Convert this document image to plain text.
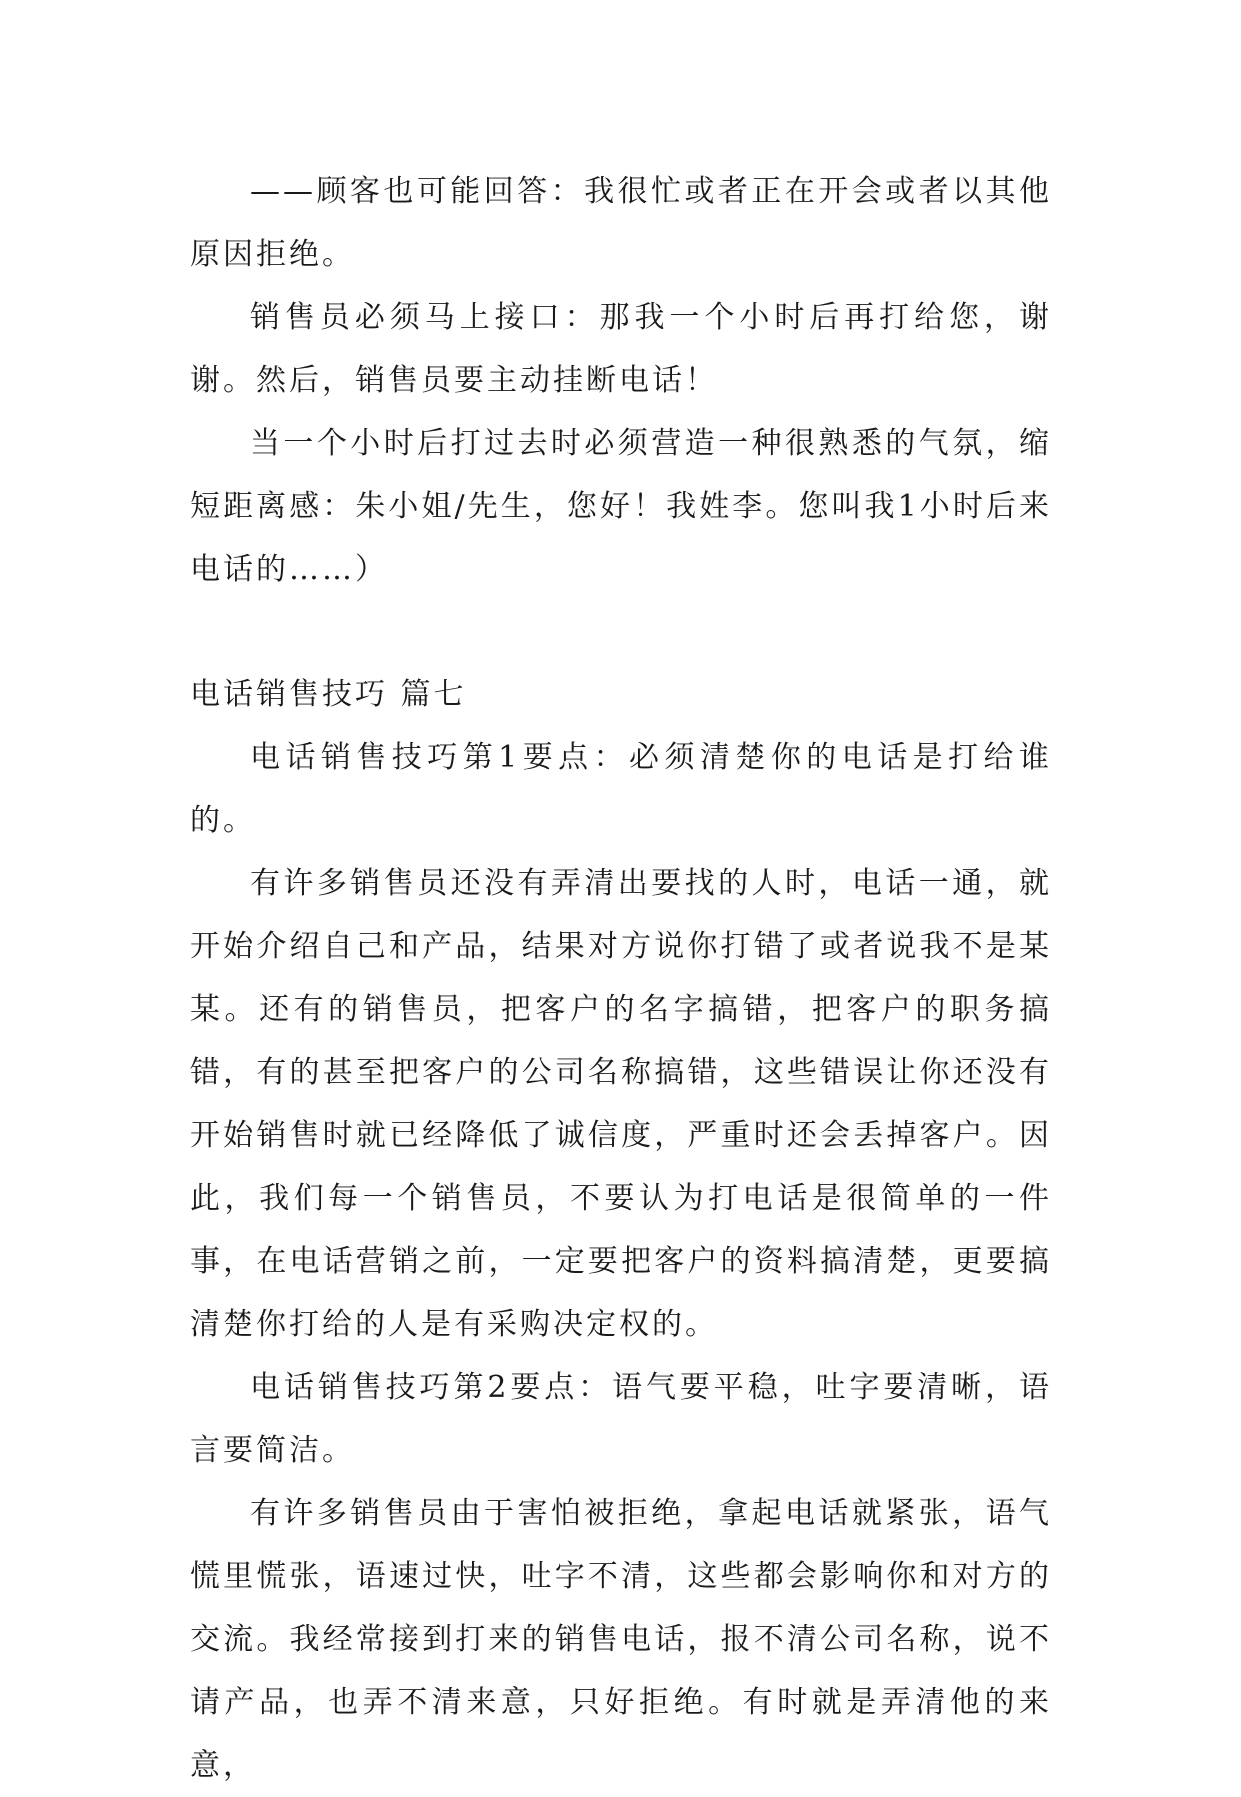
——顾客也可能回答：我很忙或者正在开会或者以其他原因拒绝。

销售员必须马上接口：那我一个小时后再打给您，谢谢。然后，销售员要主动挂断电话！

当一个小时后打过去时必须营造一种很熟悉的气氛，缩短距离感：朱小姐/先生，您好！我姓李。您叫我1小时后来电话的……）

电话销售技巧 篇七

电话销售技巧第1要点：必须清楚你的电话是打给谁的。

有许多销售员还没有弄清出要找的人时，电话一通，就开始介绍自己和产品，结果对方说你打错了或者说我不是某某。还有的销售员，把客户的名字搞错，把客户的职务搞错，有的甚至把客户的公司名称搞错，这些错误让你还没有开始销售时就已经降低了诚信度，严重时还会丢掉客户。因此，我们每一个销售员，不要认为打电话是很简单的一件事，在电话营销之前，一定要把客户的资料搞清楚，更要搞清楚你打给的人是有采购决定权的。

电话销售技巧第2要点：语气要平稳，吐字要清晰，语言要简洁。

有许多销售员由于害怕被拒绝，拿起电话就紧张，语气慌里慌张，语速过快，吐字不清，这些都会影响你和对方的交流。我经常接到打来的销售电话，报不清公司名称，说不请产品，也弄不清来意，只好拒绝。有时就是弄清他的来意，
